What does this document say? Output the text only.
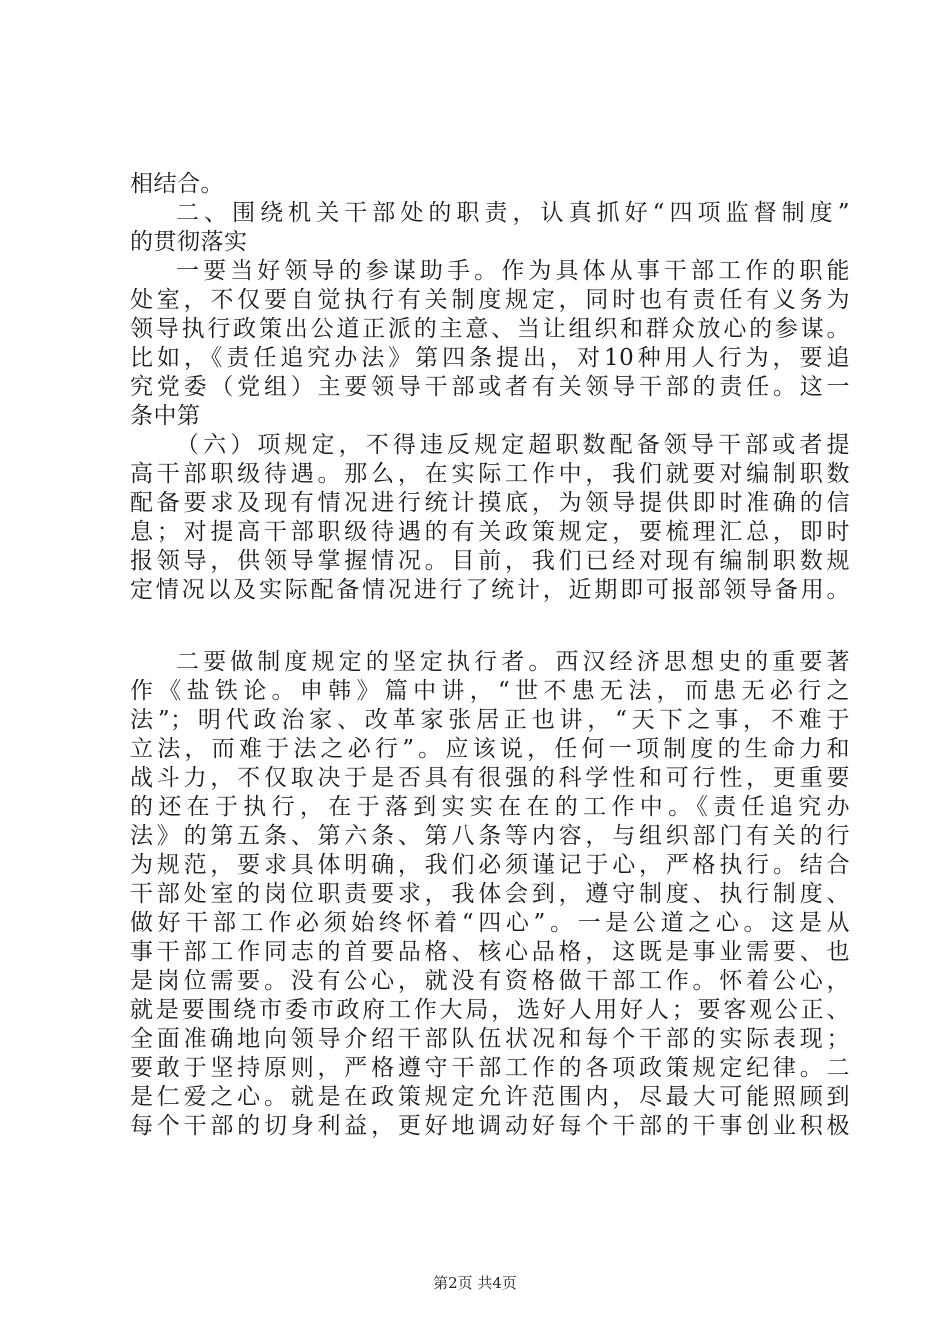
相结合。

二、围绕机关干部处的职责，认真抓好“四项监督制度”

的贯彻落实

一要当好领导的参谋助手。作为具体从事干部工作的职能

处室，不仅要自觉执行有关制度规定，同时也有责任有义务为

领导执行政策出公道正派的主意、当让组织和群众放心的参谋。

比如，《责任追究办法》第四条提出，对10种用人行为，要追

究党委（党组）主要领导干部或者有关领导干部的责任。这一

条中第

（六）项规定，不得违反规定超职数配备领导干部或者提

高干部职级待遇。那么，在实际工作中，我们就要对编制职数

配备要求及现有情况进行统计摸底，为领导提供即时准确的信

息；对提高干部职级待遇的有关政策规定，要梳理汇总，即时

报领导，供领导掌握情况。目前，我们已经对现有编制职数规

定情况以及实际配备情况进行了统计，近期即可报部领导备用。

二要做制度规定的坚定执行者。西汉经济思想史的重要著

作《盐铁论。申韩》篇中讲，“世不患无法，而患无必行之

法”；明代政治家、改革家张居正也讲，“天下之事，不难于

立法，而难于法之必行”。应该说，任何一项制度的生命力和

战斗力，不仅取决于是否具有很强的科学性和可行性，更重要

的还在于执行，在于落到实实在在的工作中。《责任追究办

法》的第五条、第六条、第八条等内容，与组织部门有关的行

为规范，要求具体明确，我们必须谨记于心，严格执行。结合

干部处室的岗位职责要求，我体会到，遵守制度、执行制度、

做好干部工作必须始终怀着“四心”。一是公道之心。这是从

事干部工作同志的首要品格、核心品格，这既是事业需要、也

是岗位需要。没有公心，就没有资格做干部工作。怀着公心，

就是要围绕市委市政府工作大局，选好人用好人；要客观公正、

全面准确地向领导介绍干部队伍状况和每个干部的实际表现；

要敢于坚持原则，严格遵守干部工作的各项政策规定纪律。二

是仁爱之心。就是在政策规定允许范围内，尽最大可能照顾到

每个干部的切身利益，更好地调动好每个干部的干事创业积极

第2页 共4页
